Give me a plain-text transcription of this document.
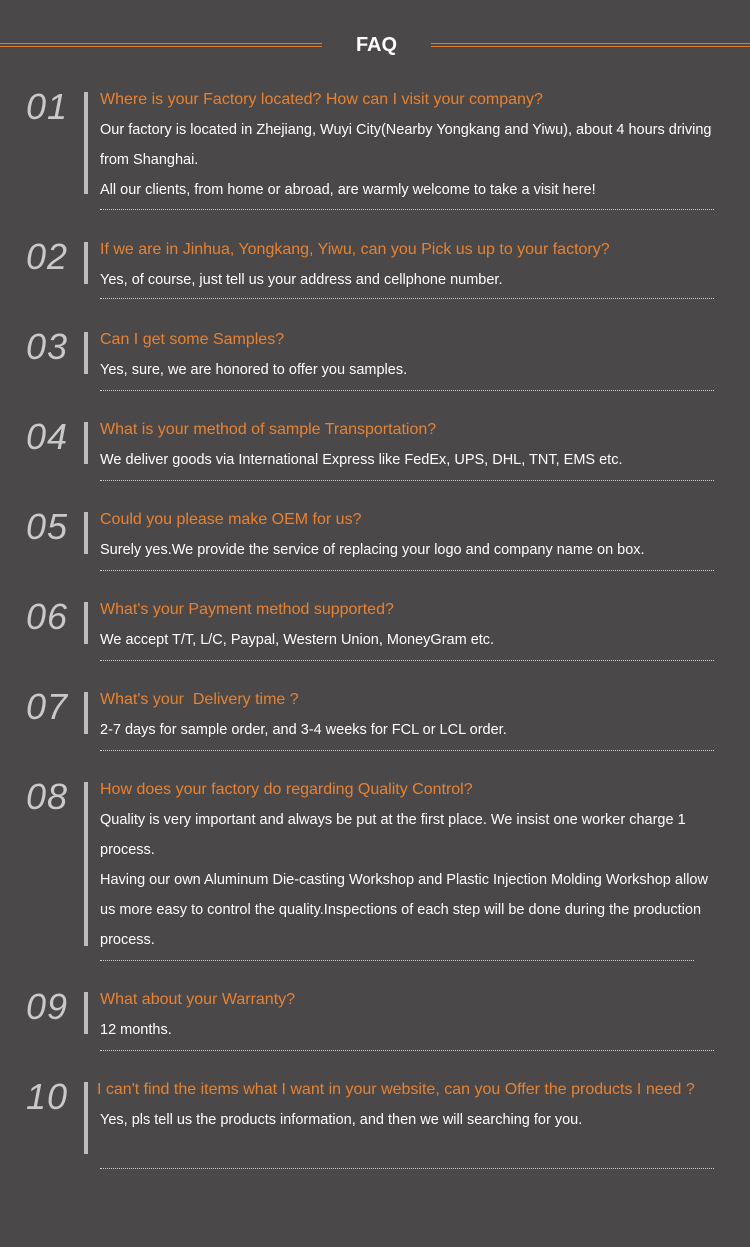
FAQ
01	Where is your Factory located? How can I visit your company?

Our factory is located in Zhejiang, Wuyi City(Nearby Yongkang and Yiwu), about 4 hours driving from Shanghai.

All our clients, from home or abroad, are warmly welcome to take a visit here!

02	If we are in Jinhua, Yongkang, Yiwu, can you Pick us up to your factory?

Yes, of course, just tell us your address and cellphone number.

03	Can I get some Samples?

Yes, sure, we are honored to offer you samples.

04	What is your method of sample Transportation?

We deliver goods via International Express like FedEx, UPS, DHL, TNT, EMS etc.

05	Could you please make OEM for us?

Surely yes.We provide the service of replacing your logo and company name on box.

06	What's your Payment method supported?

We accept T/T, L/C, Paypal, Western Union, MoneyGram etc.

07	What's your  Delivery time ?

2-7 days for sample order, and 3-4 weeks for FCL or LCL order.

08	How does your factory do regarding Quality Control?

Quality is very important and always be put at the first place. We insist one worker charge 1 process.

Having our own Aluminum Die-casting Workshop and Plastic Injection Molding Workshop allow us more easy to control the quality.Inspections of each step will be done during the production process.

09	What about your Warranty?

12 months.

10	I can't find the items what I want in your website, can you Offer the products I need ?

Yes, pls tell us the products information, and then we will searching for you.
